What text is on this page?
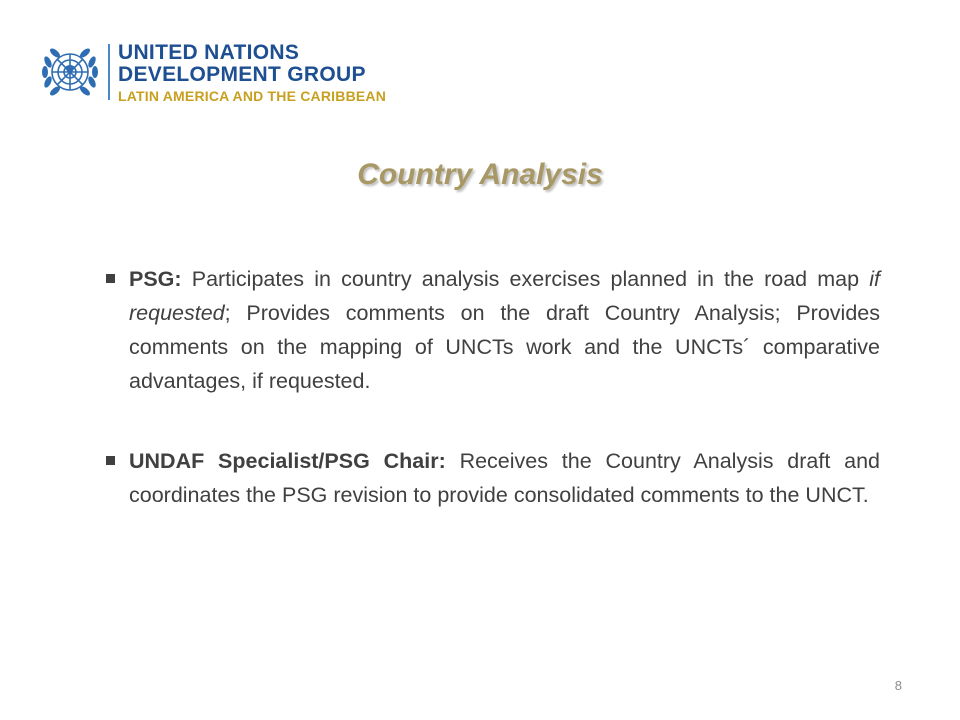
UNITED NATIONS
DEVELOPMENT GROUP
LATIN AMERICA AND THE CARIBBEAN
Country Analysis
PSG: Participates in country analysis exercises planned in the road map if requested; Provides comments on the draft Country Analysis; Provides comments on the mapping of UNCTs work and the UNCTs´ comparative advantages, if requested.
UNDAF Specialist/PSG Chair: Receives the Country Analysis draft and coordinates the PSG revision to provide consolidated comments to the UNCT.
8
